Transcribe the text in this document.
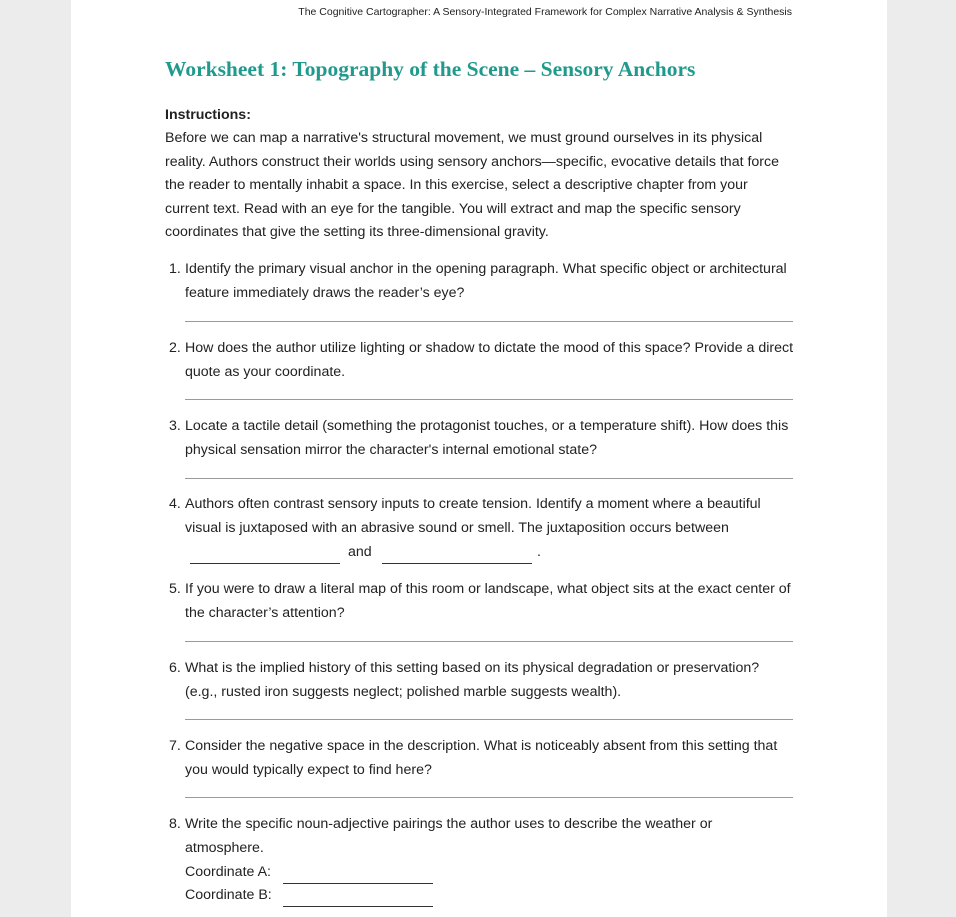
The Cognitive Cartographer: A Sensory-Integrated Framework for Complex Narrative Analysis & Synthesis
Worksheet 1: Topography of the Scene – Sensory Anchors
Instructions:
Before we can map a narrative's structural movement, we must ground ourselves in its physical reality. Authors construct their worlds using sensory anchors—specific, evocative details that force the reader to mentally inhabit a space. In this exercise, select a descriptive chapter from your current text. Read with an eye for the tangible. You will extract and map the specific sensory coordinates that give the setting its three-dimensional gravity.
1. Identify the primary visual anchor in the opening paragraph. What specific object or architectural feature immediately draws the reader’s eye?
2. How does the author utilize lighting or shadow to dictate the mood of this space? Provide a direct quote as your coordinate.
3. Locate a tactile detail (something the protagonist touches, or a temperature shift). How does this physical sensation mirror the character's internal emotional state?
4. Authors often contrast sensory inputs to create tension. Identify a moment where a beautiful visual is juxtaposed with an abrasive sound or smell. The juxtaposition occurs between
and	.
5. If you were to draw a literal map of this room or landscape, what object sits at the exact center of the character’s attention?
6. What is the implied history of this setting based on its physical degradation or preservation? (e.g., rusted iron suggests neglect; polished marble suggests wealth).
7. Consider the negative space in the description. What is noticeably absent from this setting that you would typically expect to find here?
8. Write the specific noun-adjective pairings the author uses to describe the weather or atmosphere.
Coordinate A:
Coordinate B:
